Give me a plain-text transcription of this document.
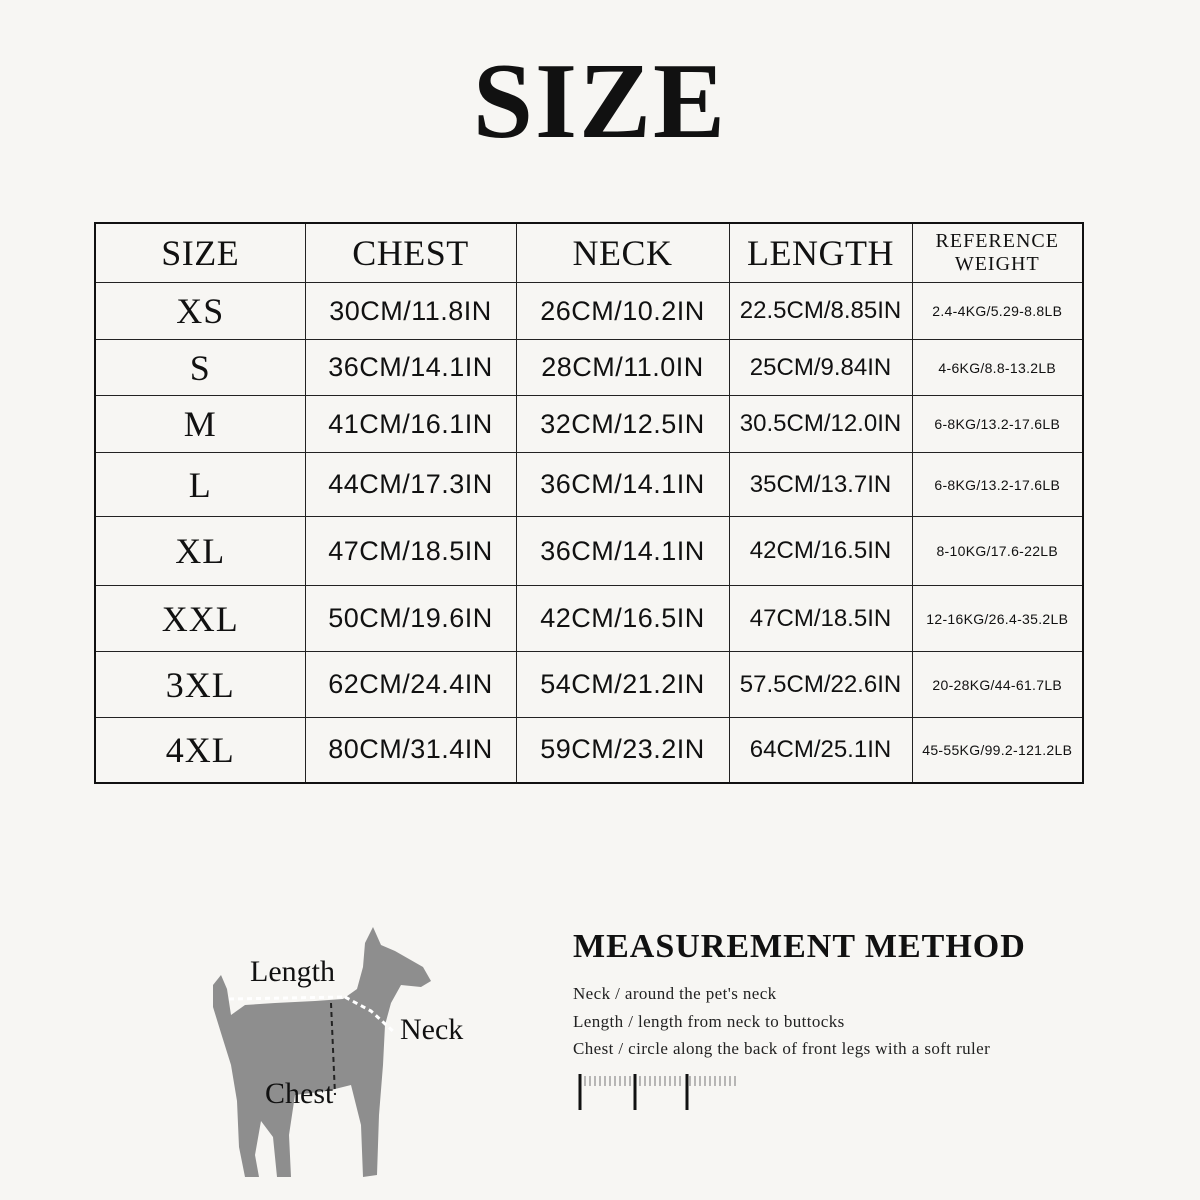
SIZE
SIZE	CHEST	NECK	LENGTH	REFERENCE WEIGHT
XS	30CM/11.8IN	26CM/10.2IN	22.5CM/8.85IN	2.4-4KG/5.29-8.8LB
S	36CM/14.1IN	28CM/11.0IN	25CM/9.84IN	4-6KG/8.8-13.2LB
M	41CM/16.1IN	32CM/12.5IN	30.5CM/12.0IN	6-8KG/13.2-17.6LB
L	44CM/17.3IN	36CM/14.1IN	35CM/13.7IN	6-8KG/13.2-17.6LB
XL	47CM/18.5IN	36CM/14.1IN	42CM/16.5IN	8-10KG/17.6-22LB
XXL	50CM/19.6IN	42CM/16.5IN	47CM/18.5IN	12-16KG/26.4-35.2LB
3XL	62CM/24.4IN	54CM/21.2IN	57.5CM/22.6IN	20-28KG/44-61.7LB
4XL	80CM/31.4IN	59CM/23.2IN	64CM/25.1IN	45-55KG/99.2-121.2LB
Length
Neck
Chest
MEASUREMENT METHOD
Neck / around the pet's neck
Length / length from neck to buttocks
Chest / circle along the back of front legs with a soft ruler
